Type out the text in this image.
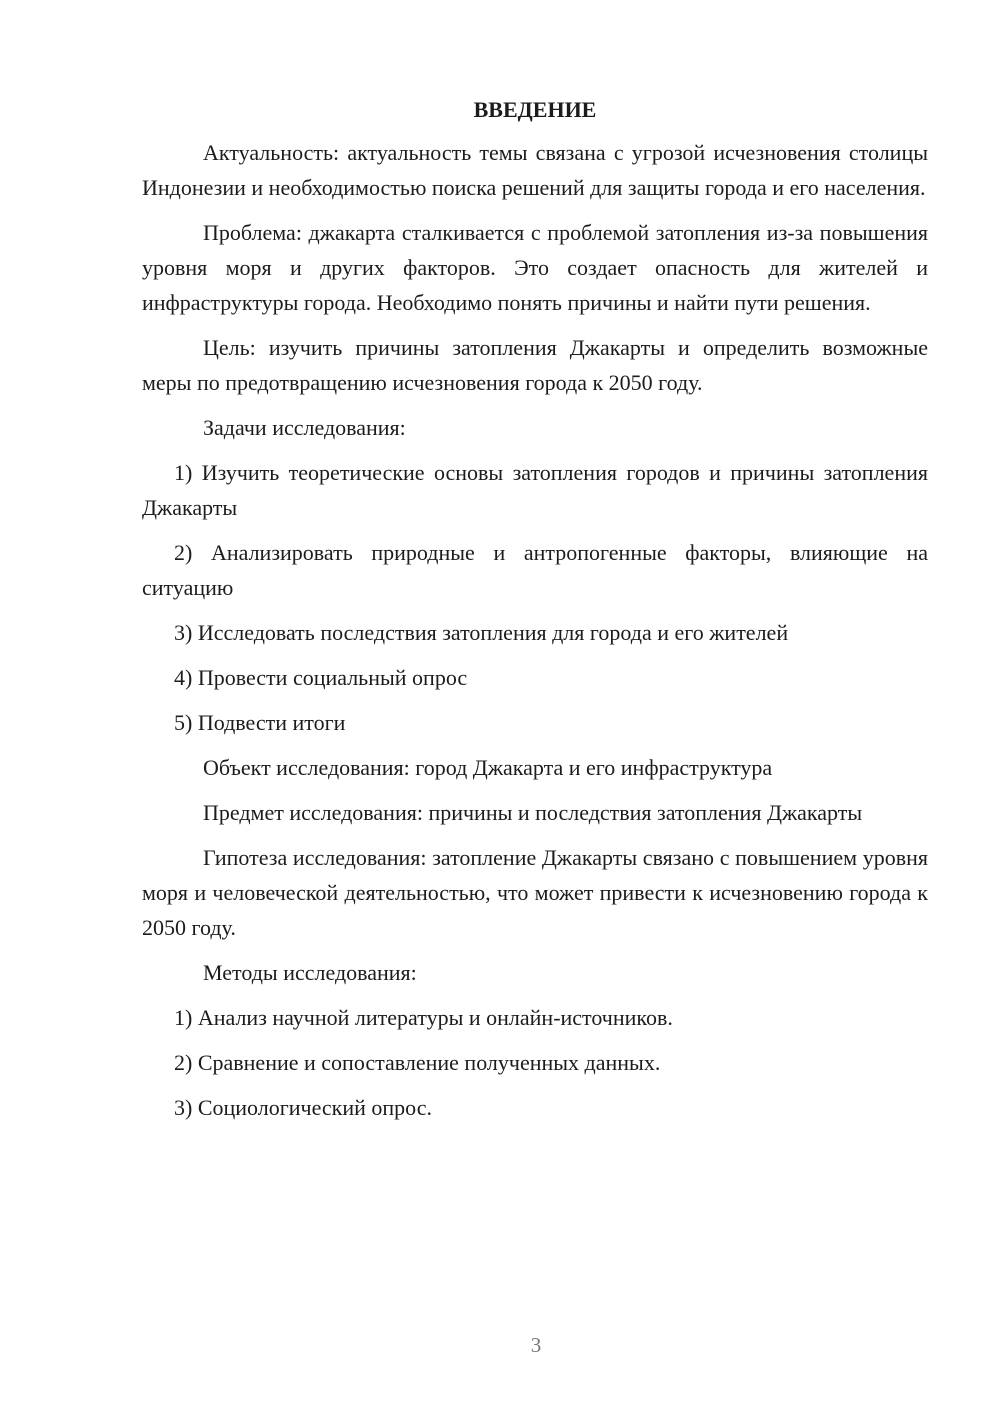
ВВЕДЕНИЕ

Актуальность: актуальность темы связана с угрозой исчезновения столицы Индонезии и необходимостью поиска решений для защиты города и его населения.

Проблема: джакарта сталкивается с проблемой затопления из-за повышения уровня моря и других факторов. Это создает опасность для жителей и инфраструктуры города. Необходимо понять причины и найти пути решения.

Цель: изучить причины затопления Джакарты и определить возможные меры по предотвращению исчезновения города к 2050 году.

Задачи исследования:

1) Изучить теоретические основы затопления городов и причины затопления Джакарты

2) Анализировать природные и антропогенные факторы, влияющие на ситуацию

3) Исследовать последствия затопления для города и его жителей

4) Провести социальный опрос

5) Подвести итоги

Объект исследования: город Джакарта и его инфраструктура

Предмет исследования: причины и последствия затопления Джакарты

Гипотеза исследования: затопление Джакарты связано с повышением уровня моря и человеческой деятельностью, что может привести к исчезновению города к 2050 году.

Методы исследования:

1) Анализ научной литературы и онлайн-источников.

2) Сравнение и сопоставление полученных данных.

3) Социологический опрос.

3
